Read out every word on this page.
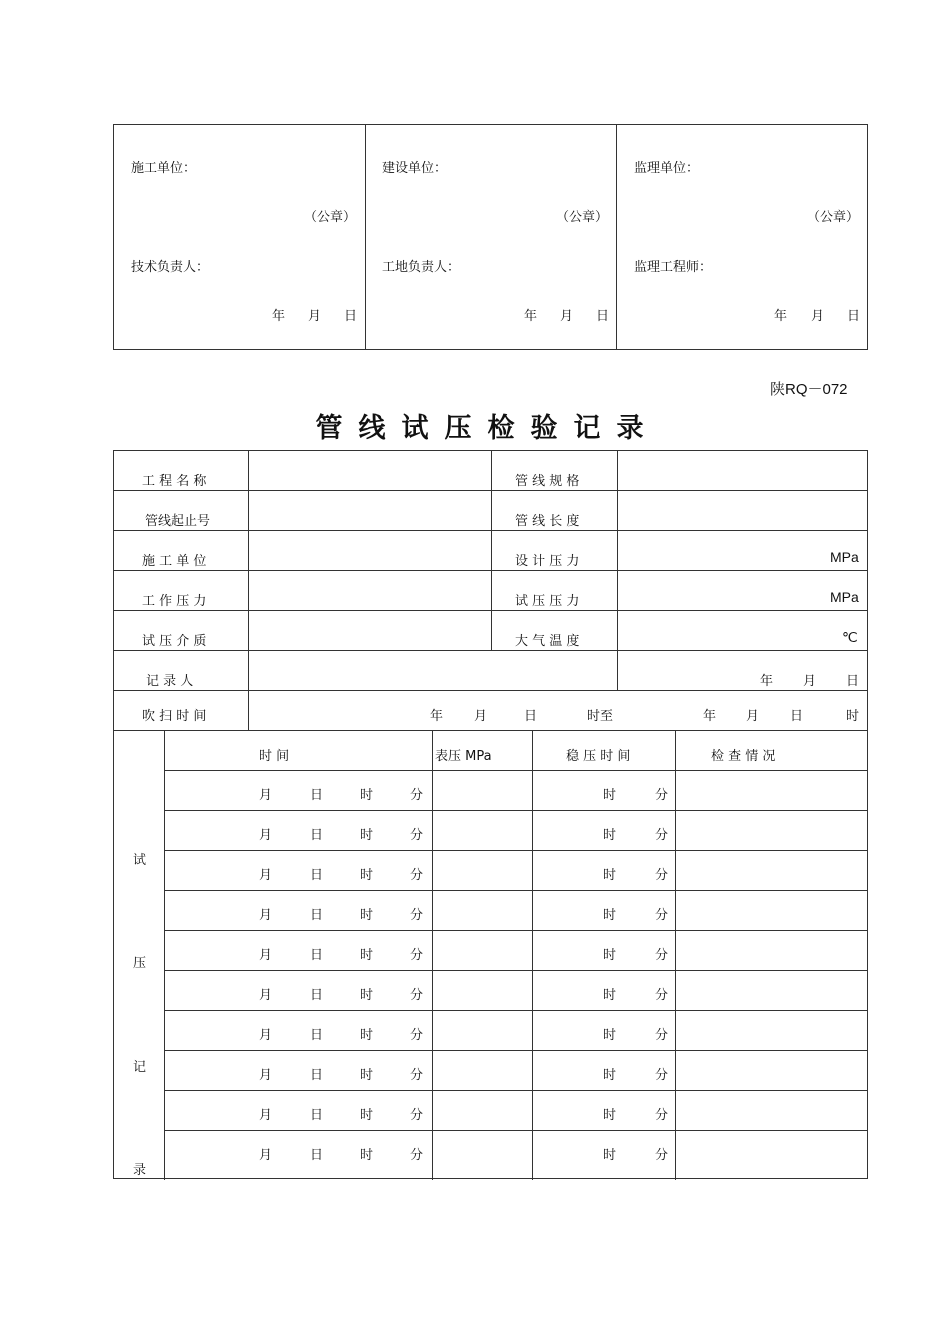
施工单位：
（公章）
技术负责人：
年 月 日
建设单位：
（公章）
工地负责人：
年 月 日
监理单位：
（公章）
监理工程师：
年 月 日
陕RQ－072
管线试压检验记录
工 程 名 称	管 线 规 格
管线起止号	管 线 长 度
施 工 单 位	设 计 压 力	MPa
工 作 压 力	试 压 压 力	MPa
试 压 介 质	大 气 温 度	℃
记 录 人	年 月 日
吹 扫 时 间	年 月	日	时至	年 月 日	时
试
压
记
录
时 间	表压 MPa	稳 压 时 间	检 查 情 况
月	日	时	分	时	分
月	日	时	分	时	分
月	日	时	分	时	分
月	日	时	分	时	分
月	日	时	分	时	分
月	日	时	分	时	分
月	日	时	分	时	分
月	日	时	分	时	分
月	日	时	分	时	分
月	日	时	分	时	分
